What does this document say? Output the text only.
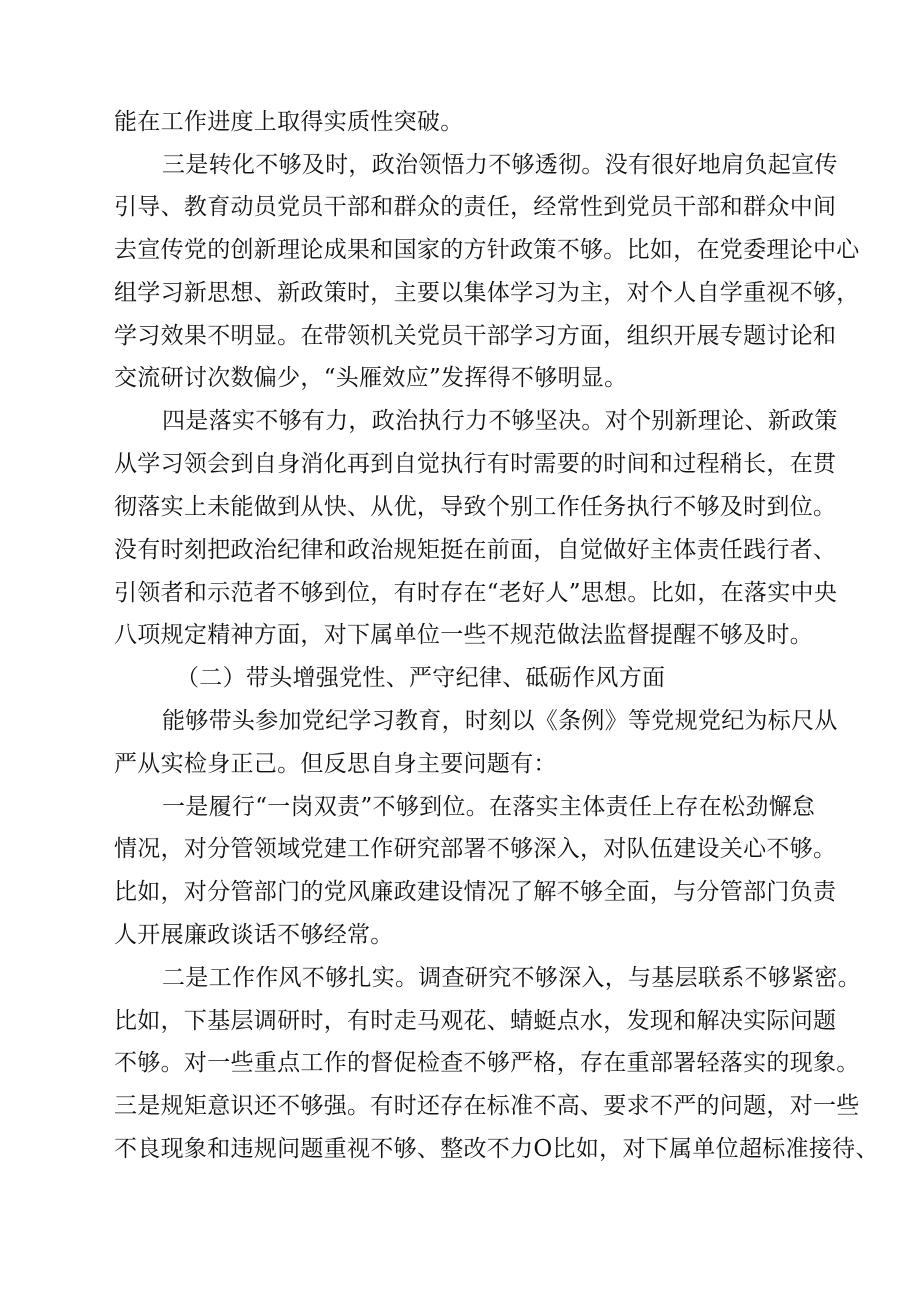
能在工作进度上取得实质性突破。
三是转化不够及时，政治领悟力不够透彻。没有很好地肩负起宣传
引导、教育动员党员干部和群众的责任，经常性到党员干部和群众中间
去宣传党的创新理论成果和国家的方针政策不够。比如，在党委理论中心
组学习新思想、新政策时，主要以集体学习为主，对个人自学重视不够，
学习效果不明显。在带领机关党员干部学习方面，组织开展专题讨论和
交流研讨次数偏少，“头雁效应”发挥得不够明显。
四是落实不够有力，政治执行力不够坚决。对个别新理论、新政策
从学习领会到自身消化再到自觉执行有时需要的时间和过程稍长，在贯
彻落实上未能做到从快、从优，导致个别工作任务执行不够及时到位。
没有时刻把政治纪律和政治规矩挺在前面，自觉做好主体责任践行者、
引领者和示范者不够到位，有时存在“老好人”思想。比如，在落实中央
八项规定精神方面，对下属单位一些不规范做法监督提醒不够及时。
（二）带头增强党性、严守纪律、砥砺作风方面
能够带头参加党纪学习教育，时刻以《条例》等党规党纪为标尺从
严从实检身正己。但反思自身主要问题有：
一是履行“一岗双责”不够到位。在落实主体责任上存在松劲懈怠
情况，对分管领域党建工作研究部署不够深入，对队伍建设关心不够。
比如，对分管部门的党风廉政建设情况了解不够全面，与分管部门负责
人开展廉政谈话不够经常。
二是工作作风不够扎实。调查研究不够深入，与基层联系不够紧密。
比如，下基层调研时，有时走马观花、蜻蜓点水，发现和解决实际问题
不够。对一些重点工作的督促检查不够严格，存在重部署轻落实的现象。
三是规矩意识还不够强。有时还存在标准不高、要求不严的问题，对一些
不良现象和违规问题重视不够、整改不力O比如，对下属单位超标准接待、
